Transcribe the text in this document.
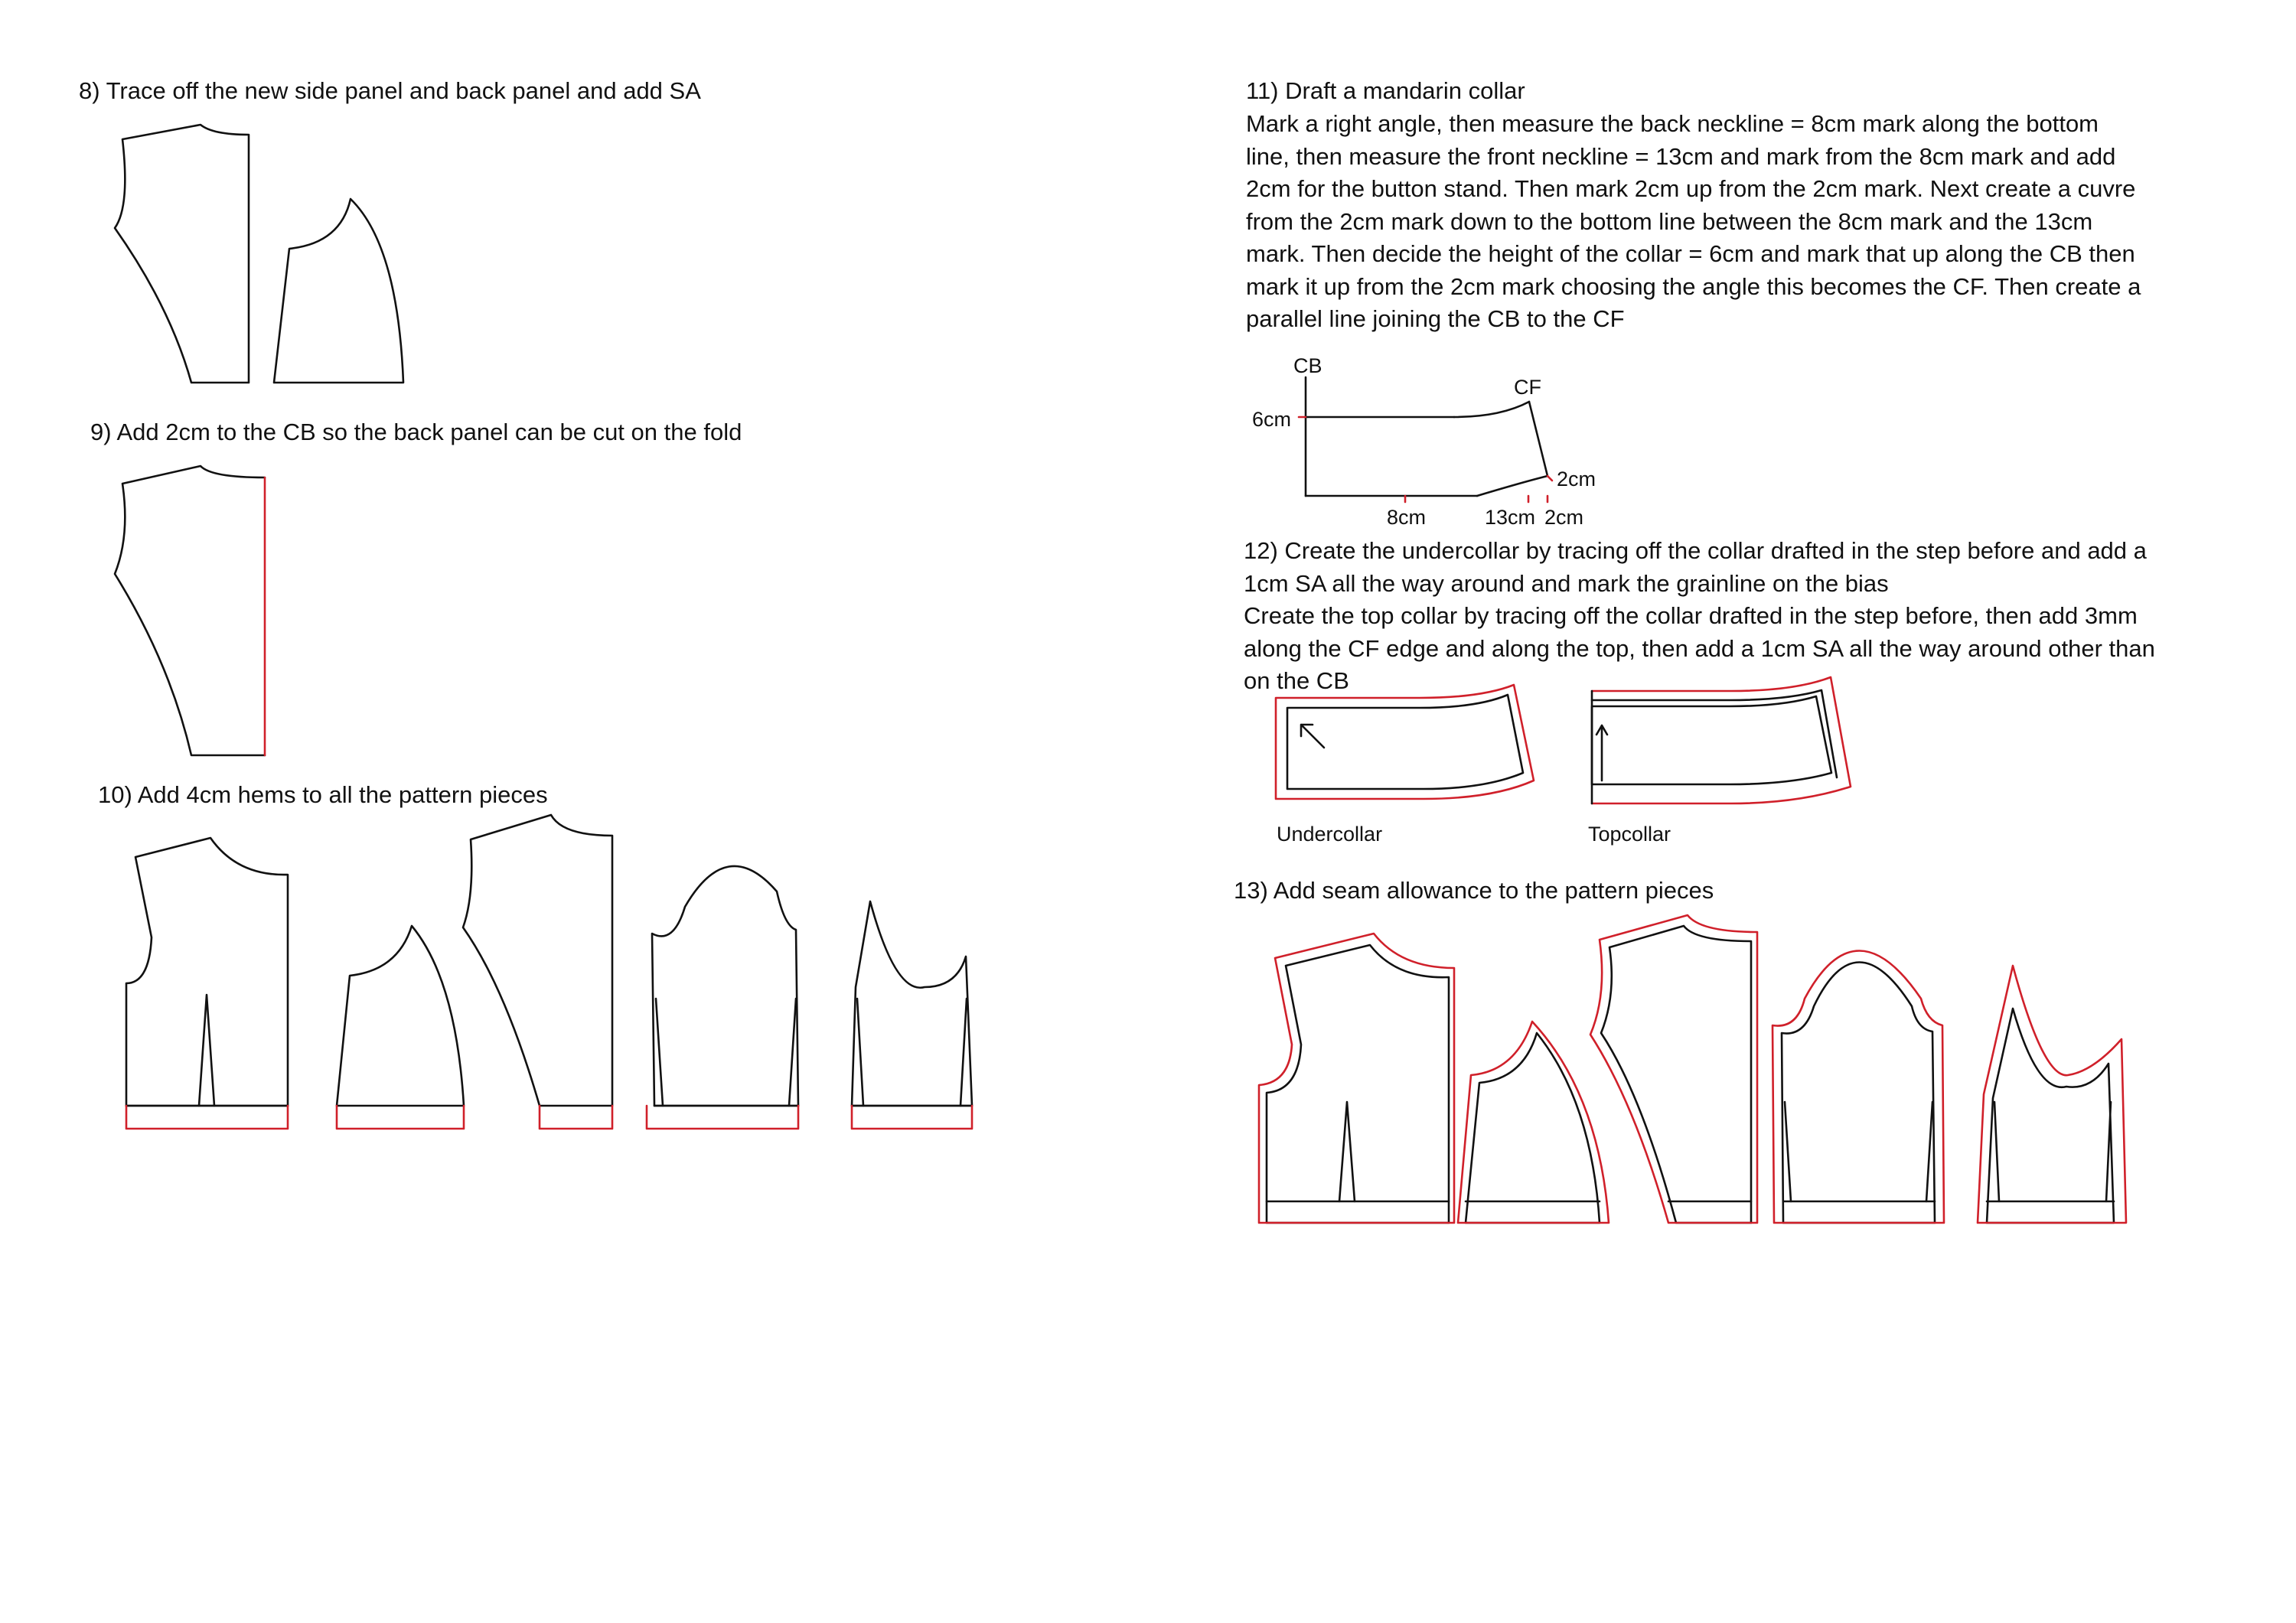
8) Trace off the new side panel and back panel and add SA
9) Add 2cm to the CB so the back panel can be cut on the fold
10) Add 4cm hems to all the pattern pieces
11) Draft a mandarin collar
Mark a right angle, then measure the back neckline = 8cm mark along the bottom
line, then measure the front neckline = 13cm and mark from the 8cm mark and add
2cm for the button stand. Then mark 2cm up from the 2cm mark. Next create a cuvre
from the 2cm mark down to the bottom line between the 8cm mark and the 13cm
mark. Then decide the height of the collar = 6cm and mark that up along the CB then
mark it up from the 2cm mark choosing the angle this becomes the CF. Then create a
parallel line joining the CB to the CF
12) Create the undercollar by tracing off the collar drafted in the step before and add a
1cm SA all the way around and mark the grainline on the bias
Create the top collar by tracing off the collar drafted in the step before, then add 3mm
along the CF edge and along the top, then add a 1cm SA all the way around other than
on the CB
13) Add seam allowance to the pattern pieces
CB
CF
6cm
2cm
8cm	13cm 2cm
Undercollar	Topcollar
